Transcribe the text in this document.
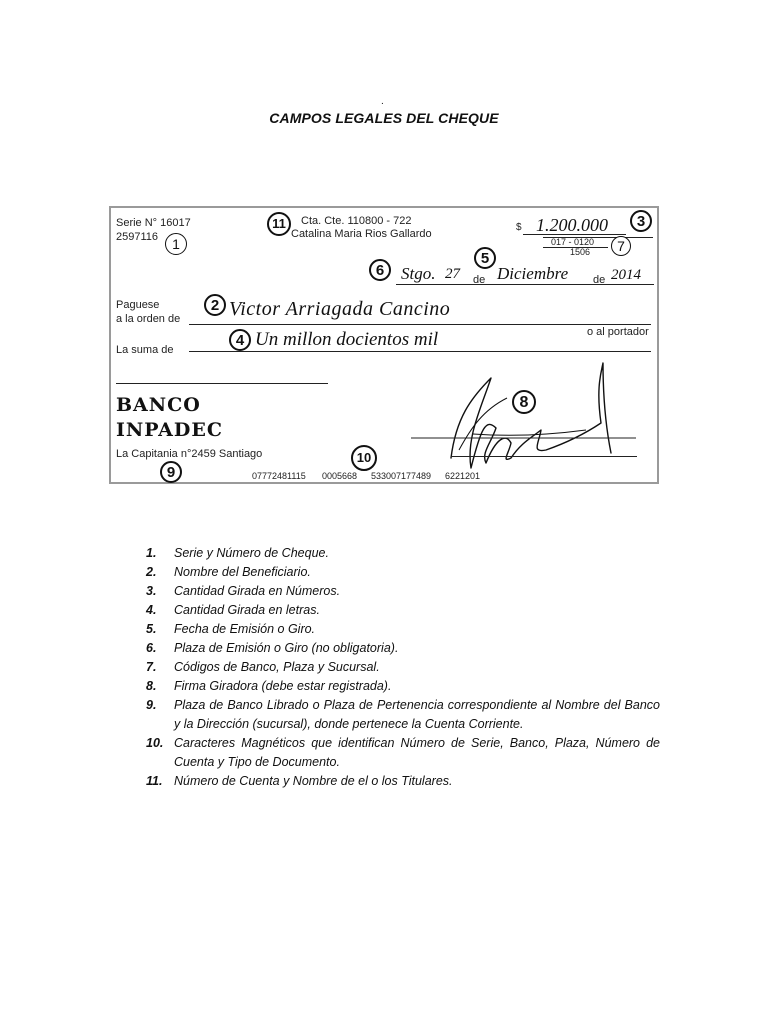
.
CAMPOS LEGALES DEL CHEQUE
Serie N° 16017
2597116	1
11	Cta. Cte. 110800 - 722
Catalina Maria Rios Gallardo
$ 1.200.000	3
017 - 0120
1506	7
6 Stgo. 27 de
5
Diciembre de 2014
Paguese
a la orden de
2 Victor Arriagada Cancino
o al portador
La suma de
4 Un millon docientos mil
BANCO
INPADEC
La Capitania n°2459 Santiago
9
8
10
07772481115 0005668 533007177489 6221201
1. Serie y Número de Cheque.
2. Nombre del Beneficiario.
3. Cantidad Girada en Números.
4. Cantidad Girada en letras.
5. Fecha de Emisión o Giro.
6. Plaza de Emisión o Giro (no obligatoria).
7. Códigos de Banco, Plaza y Sucursal.
8. Firma Giradora (debe estar registrada).
9. Plaza de Banco Librado o Plaza de Pertenencia correspondiente al Nombre del Banco y la Dirección (sucursal), donde pertenece la Cuenta Corriente.
10. Caracteres Magnéticos que identifican Número de Serie, Banco, Plaza, Número de Cuenta y Tipo de Documento.
11. Número de Cuenta y Nombre de el o los Titulares.
